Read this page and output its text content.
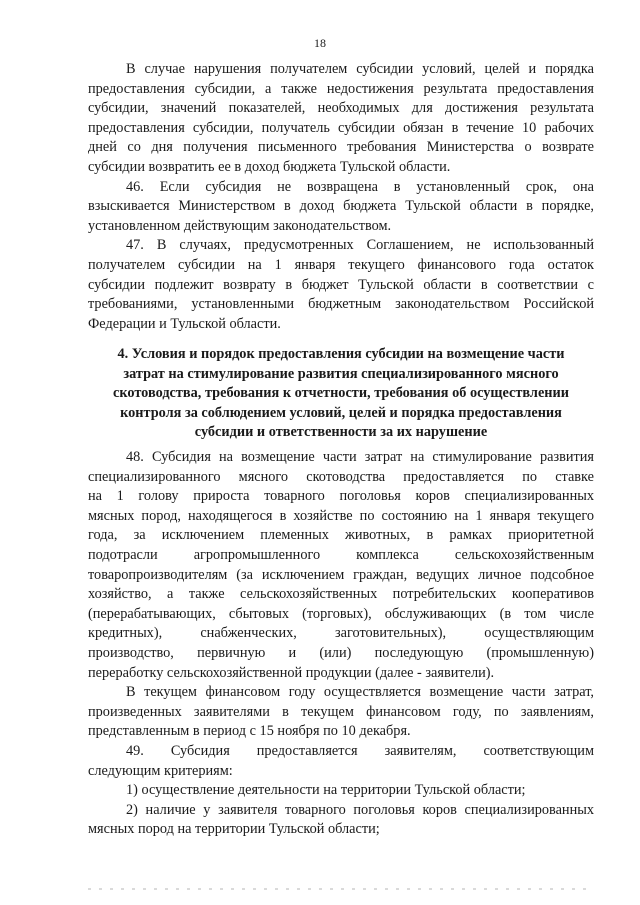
18
В случае нарушения получателем субсидии условий, целей и порядка
предоставления субсидии, а также недостижения результата предоставления
субсидии, значений показателей, необходимых для достижения результата
предоставления субсидии, получатель субсидии обязан в течение 10 рабочих
дней со дня получения письменного требования Министерства о возврате
субсидии возвратить ее в доход бюджета Тульской области.
46. Если субсидия не возвращена в установленный срок, она
взыскивается Министерством в доход бюджета Тульской области в порядке,
установленном действующим законодательством.
47. В случаях, предусмотренных Соглашением, не использованный
получателем субсидии на 1 января текущего финансового года остаток
субсидии подлежит возврату в бюджет Тульской области в соответствии с
требованиями, установленными бюджетным законодательством Российской
Федерации и Тульской области.
4. Условия и порядок предоставления субсидии на возмещение части
затрат на стимулирование развития специализированного мясного
скотоводства, требования к отчетности, требования об осуществлении
контроля за соблюдением условий, целей и порядка предоставления
субсидии и ответственности за их нарушение
48. Субсидия на возмещение части затрат на стимулирование развития
специализированного мясного скотоводства предоставляется по ставке
на 1 голову прироста товарного поголовья коров специализированных
мясных пород, находящегося в хозяйстве по состоянию на 1 января текущего
года, за исключением племенных животных, в рамках приоритетной
подотрасли агропромышленного комплекса сельскохозяйственным
товаропроизводителям (за исключением граждан, ведущих личное подсобное
хозяйство, а также сельскохозяйственных потребительских кооперативов
(перерабатывающих, сбытовых (торговых), обслуживающих (в том числе
кредитных), снабженческих, заготовительных), осуществляющим
производство, первичную и (или) последующую (промышленную)
переработку сельскохозяйственной продукции (далее - заявители).
В текущем финансовом году осуществляется возмещение части затрат,
произведенных заявителями в текущем финансовом году, по заявлениям,
представленным в период с 15 ноября по 10 декабря.
49. Субсидия предоставляется заявителям, соответствующим
следующим критериям:
1) осуществление деятельности на территории Тульской области;
2) наличие у заявителя товарного поголовья коров специализированных
мясных пород на территории Тульской области;
